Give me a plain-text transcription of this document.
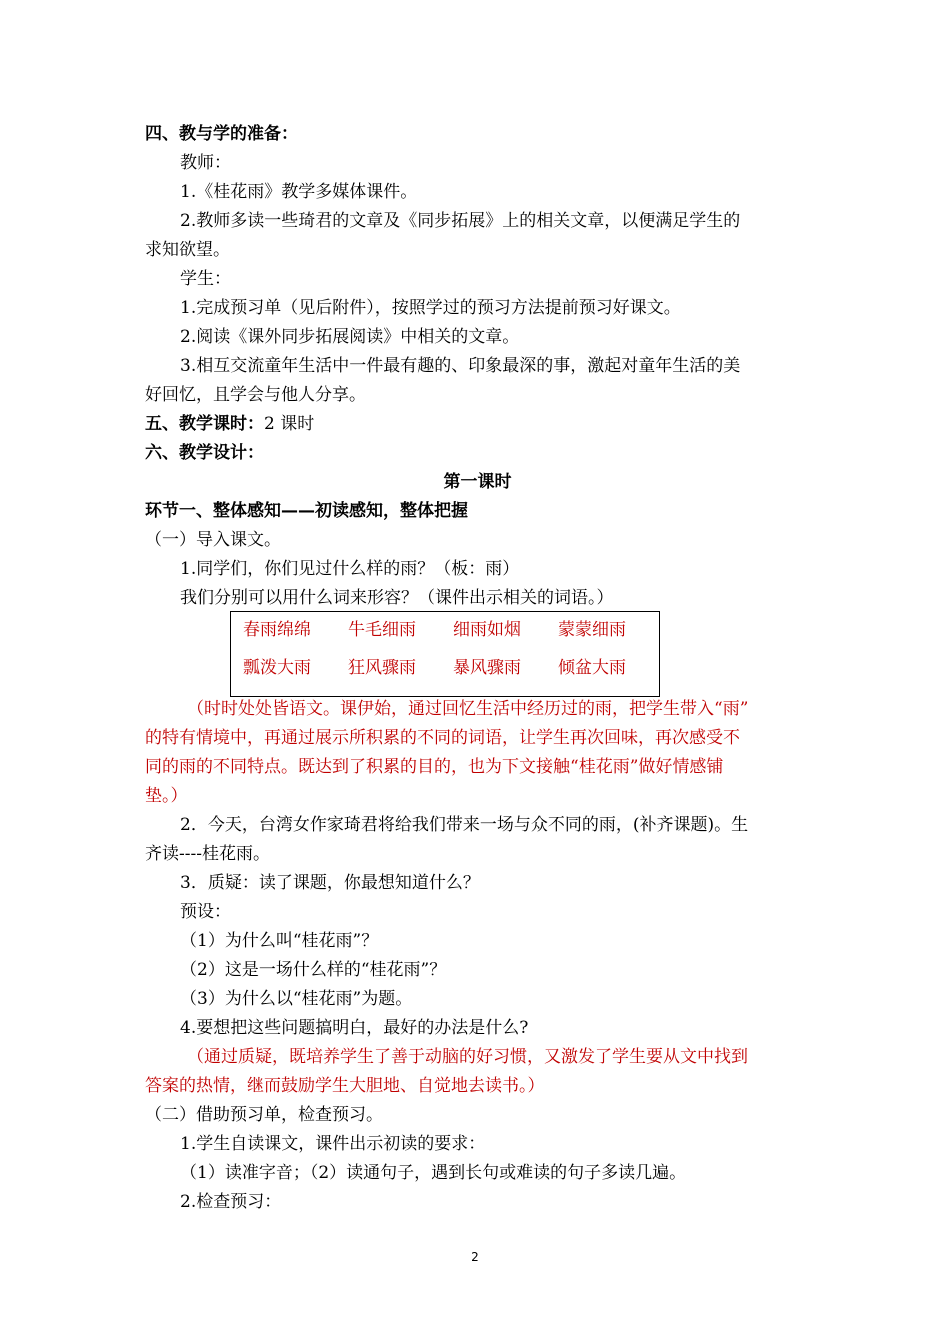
四、教与学的准备：
教师：
1.《桂花雨》教学多媒体课件。
2.教师多读一些琦君的文章及《同步拓展》上的相关文章，以便满足学生的
求知欲望。
学生：
1.完成预习单（见后附件），按照学过的预习方法提前预习好课文。
2.阅读《课外同步拓展阅读》中相关的文章。
3.相互交流童年生活中一件最有趣的、印象最深的事，激起对童年生活的美
好回忆，且学会与他人分享。
五、教学课时：2 课时
六、教学设计：
第一课时
环节一、整体感知——初读感知，整体把握
（一）导入课文。
1.同学们，你们见过什么样的雨？（板：雨）
我们分别可以用什么词来形容？（课件出示相关的词语。）
春雨绵绵 牛毛细雨 细雨如烟 蒙蒙细雨
瓢泼大雨 狂风骤雨 暴风骤雨 倾盆大雨
（时时处处皆语文。课伊始，通过回忆生活中经历过的雨，把学生带入“雨”
的特有情境中，再通过展示所积累的不同的词语，让学生再次回味，再次感受不
同的雨的不同特点。既达到了积累的目的，也为下文接触“桂花雨”做好情感铺
垫。）
2．今天，台湾女作家琦君将给我们带来一场与众不同的雨，(补齐课题)。生
齐读----桂花雨。
3．质疑：读了课题，你最想知道什么？
预设：
（1）为什么叫“桂花雨”？
（2）这是一场什么样的“桂花雨”？
（3）为什么以“桂花雨”为题。
4.要想把这些问题搞明白，最好的办法是什么?
（通过质疑，既培养学生了善于动脑的好习惯，又激发了学生要从文中找到
答案的热情，继而鼓励学生大胆地、自觉地去读书。）
（二）借助预习单，检查预习。
1.学生自读课文，课件出示初读的要求：
（1）读准字音；（2）读通句子，遇到长句或难读的句子多读几遍。
2.检查预习：
2
